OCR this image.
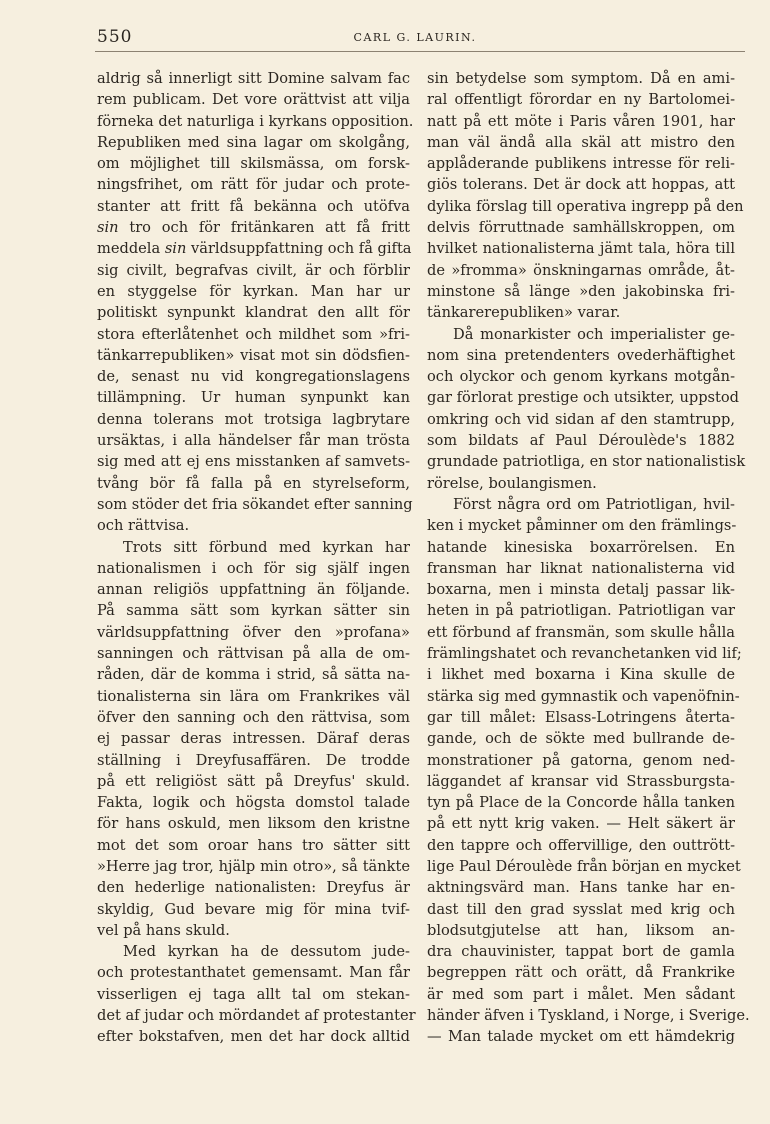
550	CARL G. LAURIN.
aldrig så innerligt sitt Domine salvam fac
rem publicam. Det vore orättvist att vilja
förneka det naturliga i kyrkans opposition.
Republiken med sina lagar om skolgång,
om möjlighet till skilsmässa, om forsk-
ningsfrihet, om rätt för judar och prote-
stanter att fritt få bekänna och utöfva
sin tro och för fritänkaren att få fritt
meddela sin världsuppfattning och få gifta
sig civilt, begrafvas civilt, är och förblir
en styggelse för kyrkan. Man har ur
politiskt synpunkt klandrat den allt för
stora efterlåtenhet och mildhet som »fri-
tänkarrepubliken» visat mot sin dödsfien-
de, senast nu vid kongregationslagens
tillämpning. Ur human synpunkt kan
denna tolerans mot trotsiga lagbrytare
ursäktas, i alla händelser får man trösta
sig med att ej ens misstanken af samvets-
tvång bör få falla på en styrelseform,
som stöder det fria sökandet efter sanning
och rättvisa.
Trots sitt förbund med kyrkan har
nationalismen i och för sig själf ingen
annan religiös uppfattning än följande.
På samma sätt som kyrkan sätter sin
världsuppfattning öfver den »profana»
sanningen och rättvisan på alla de om-
råden, där de komma i strid, så sätta na-
tionalisterna sin lära om Frankrikes väl
öfver den sanning och den rättvisa, som
ej passar deras intressen. Däraf deras
ställning i Dreyfusaffären. De trodde
på ett religiöst sätt på Dreyfus' skuld.
Fakta, logik och högsta domstol talade
för hans oskuld, men liksom den kristne
mot det som oroar hans tro sätter sitt
»Herre jag tror, hjälp min otro», så tänkte
den hederlige nationalisten: Dreyfus är
skyldig, Gud bevare mig för mina tvif-
vel på hans skuld.
Med kyrkan ha de dessutom jude-
och protestanthatet gemensamt. Man får
visserligen ej taga allt tal om stekan-
det af judar och mördandet af protestanter
efter bokstafven, men det har dock alltid
sin betydelse som symptom. Då en ami-
ral offentligt förordar en ny Bartolomei-
natt på ett möte i Paris våren 1901, har
man väl ändå alla skäl att mistro den
applåderande publikens intresse för reli-
giös tolerans. Det är dock att hoppas, att
dylika förslag till operativa ingrepp på den
delvis förruttnade samhällskroppen, om
hvilket nationalisterna jämt tala, höra till
de »fromma» önskningarnas område, åt-
minstone så länge »den jakobinska fri-
tänkarerepubliken» varar.
Då monarkister och imperialister ge-
nom sina pretendenters ovederhäftighet
och olyckor och genom kyrkans motgån-
gar förlorat prestige och utsikter, uppstod
omkring och vid sidan af den stamtrupp,
som bildats af Paul Déroulède's 1882
grundade patriotliga, en stor nationalistisk
rörelse, boulangismen.
Först några ord om Patriotligan, hvil-
ken i mycket påminner om den främlings-
hatande kinesiska boxarrörelsen. En
fransman har liknat nationalisterna vid
boxarna, men i minsta detalj passar lik-
heten in på patriotligan. Patriotligan var
ett förbund af fransmän, som skulle hålla
främlingshatet och revanchetanken vid lif;
i likhet med boxarna i Kina skulle de
stärka sig med gymnastik och vapenöfnin-
gar till målet: Elsass-Lotringens återta-
gande, och de sökte med bullrande de-
monstrationer på gatorna, genom ned-
läggandet af kransar vid Strassburgsta-
tyn på Place de la Concorde hålla tanken
på ett nytt krig vaken. — Helt säkert är
den tappre och offervillige, den outtrött-
lige Paul Déroulède från början en mycket
aktningsvärd man. Hans tanke har en-
dast till den grad sysslat med krig och
blodsutgjutelse att han, liksom an-
dra chauvinister, tappat bort de gamla
begreppen rätt och orätt, då Frankrike
är med som part i målet. Men sådant
händer äfven i Tyskland, i Norge, i Sverige.
— Man talade mycket om ett hämdekrig
